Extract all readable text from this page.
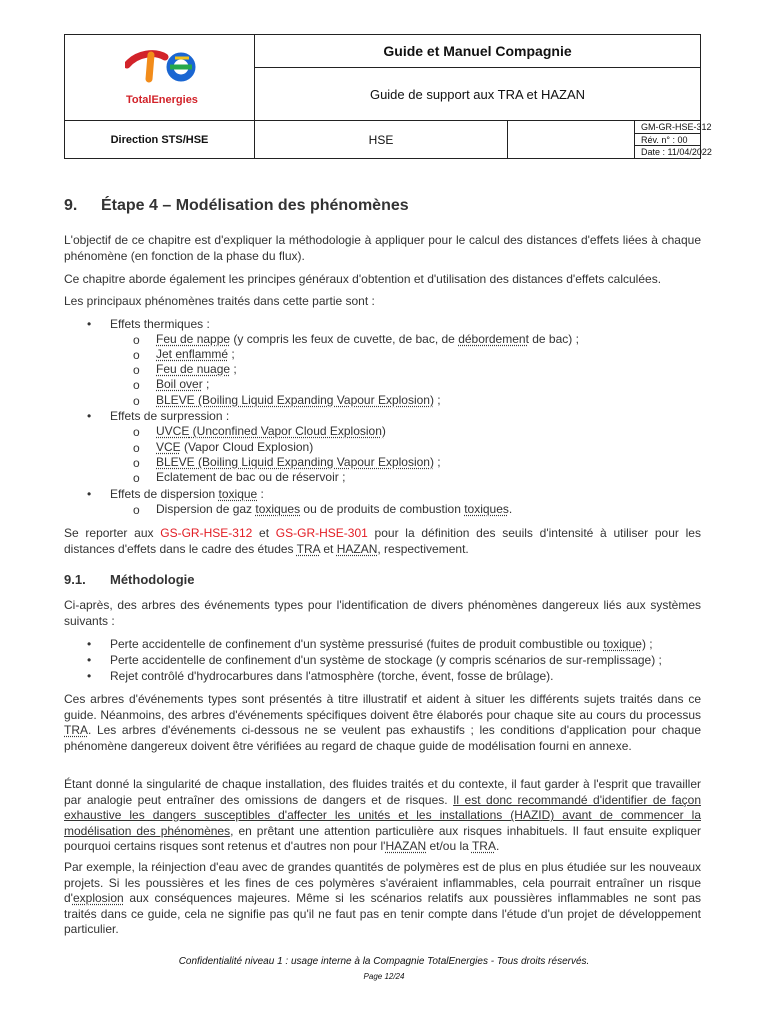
TotalEnergies
Guide et Manuel Compagnie
Guide de support aux TRA et HAZAN
Direction STS/HSE	HSE
GM-GR-HSE-312
Rév. n° : 00
Date : 11/04/2022
9. Étape 4 – Modélisation des phénomènes

L'objectif de ce chapitre est d'expliquer la méthodologie à appliquer pour le calcul des distances d'effets liées à chaque phénomène (en fonction de la phase du flux).

Ce chapitre aborde également les principes généraux d'obtention et d'utilisation des distances d'effets calculées.

Les principaux phénomènes traités dans cette partie sont :

• Effets thermiques :
o Feu de nappe (y compris les feux de cuvette, de bac, de débordement de bac) ;
o Jet enflammé ;
o Feu de nuage ;
o Boil over ;
o BLEVE (Boiling Liquid Expanding Vapour Explosion) ;
• Effets de surpression :
o UVCE (Unconfined Vapor Cloud Explosion)
o VCE (Vapor Cloud Explosion)
o BLEVE (Boiling Liquid Expanding Vapour Explosion) ;
o Eclatement de bac ou de réservoir ;
• Effets de dispersion toxique :
o Dispersion de gaz toxiques ou de produits de combustion toxiques.

Se reporter aux GS-GR-HSE-312 et GS-GR-HSE-301 pour la définition des seuils d'intensité à utiliser pour les distances d'effets dans le cadre des études TRA et HAZAN, respectivement.

9.1. Méthodologie

Ci-après, des arbres des événements types pour l'identification de divers phénomènes dangereux liés aux systèmes suivants :

• Perte accidentelle de confinement d'un système pressurisé (fuites de produit combustible ou toxique) ;
• Perte accidentelle de confinement d'un système de stockage (y compris scénarios de sur-remplissage) ;
• Rejet contrôlé d'hydrocarbures dans l'atmosphère (torche, évent, fosse de brûlage).

Ces arbres d'événements types sont présentés à titre illustratif et aident à situer les différents sujets traités dans ce guide. Néanmoins, des arbres d'événements spécifiques doivent être élaborés pour chaque site au cours du processus TRA. Les arbres d'événements ci-dessous ne se veulent pas exhaustifs ; les conditions d'application pour chaque phénomène dangereux doivent être vérifiées au regard de chaque guide de modélisation fourni en annexe.

Étant donné la singularité de chaque installation, des fluides traités et du contexte, il faut garder à l'esprit que travailler par analogie peut entraîner des omissions de dangers et de risques. Il est donc recommandé d'identifier de façon exhaustive les dangers susceptibles d'affecter les unités et les installations (HAZID) avant de commencer la modélisation des phénomènes, en prêtant une attention particulière aux risques inhabituels. Il faut ensuite expliquer pourquoi certains risques sont retenus et d'autres non pour l'HAZAN et/ou la TRA.

Par exemple, la réinjection d'eau avec de grandes quantités de polymères est de plus en plus étudiée sur les nouveaux projets. Si les poussières et les fines de ces polymères s'avéraient inflammables, cela pourrait entraîner un risque d'explosion aux conséquences majeures. Même si les scénarios relatifs aux poussières inflammables ne sont pas traités dans ce guide, cela ne signifie pas qu'il ne faut pas en tenir compte dans l'étude d'un projet de développement particulier.

Confidentialité niveau 1 : usage interne à la Compagnie TotalEnergies - Tous droits réservés.
Page 12/24
